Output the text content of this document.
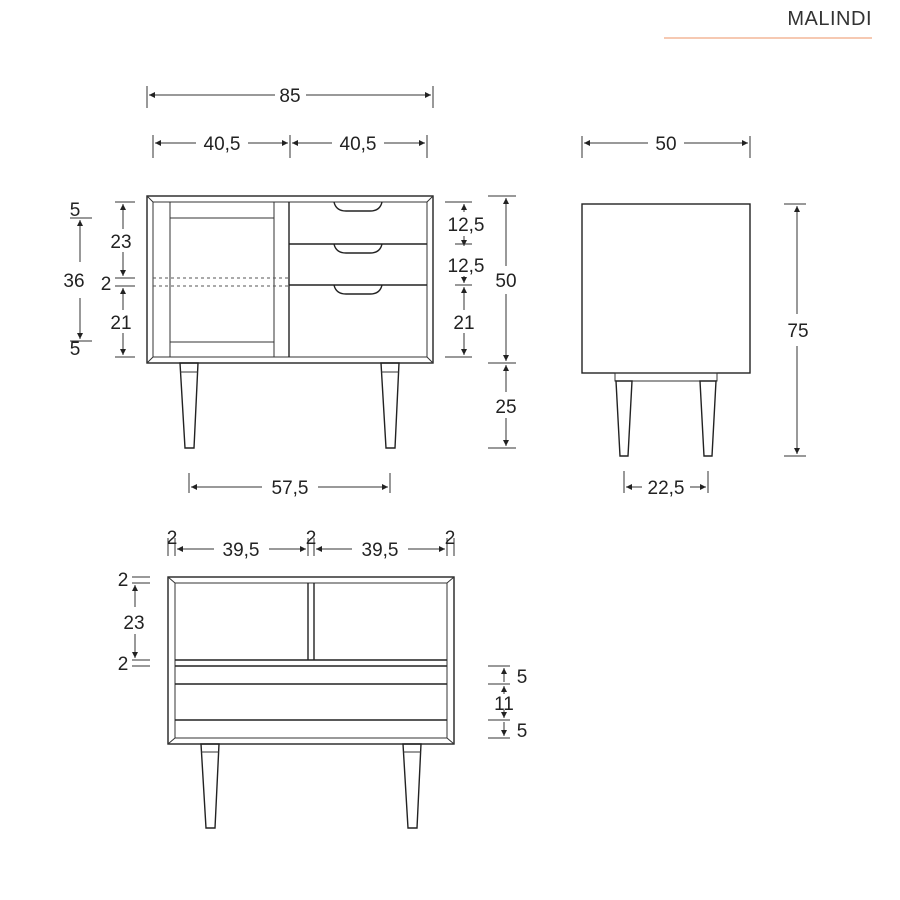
MALINDI
85
40,5	40,5
5
36
5
23
2
21
12,5
12,5
21
50
25
57,5
50
75
22,5
2
39,5
2
39,5
2
2
23
2
5
11
5
